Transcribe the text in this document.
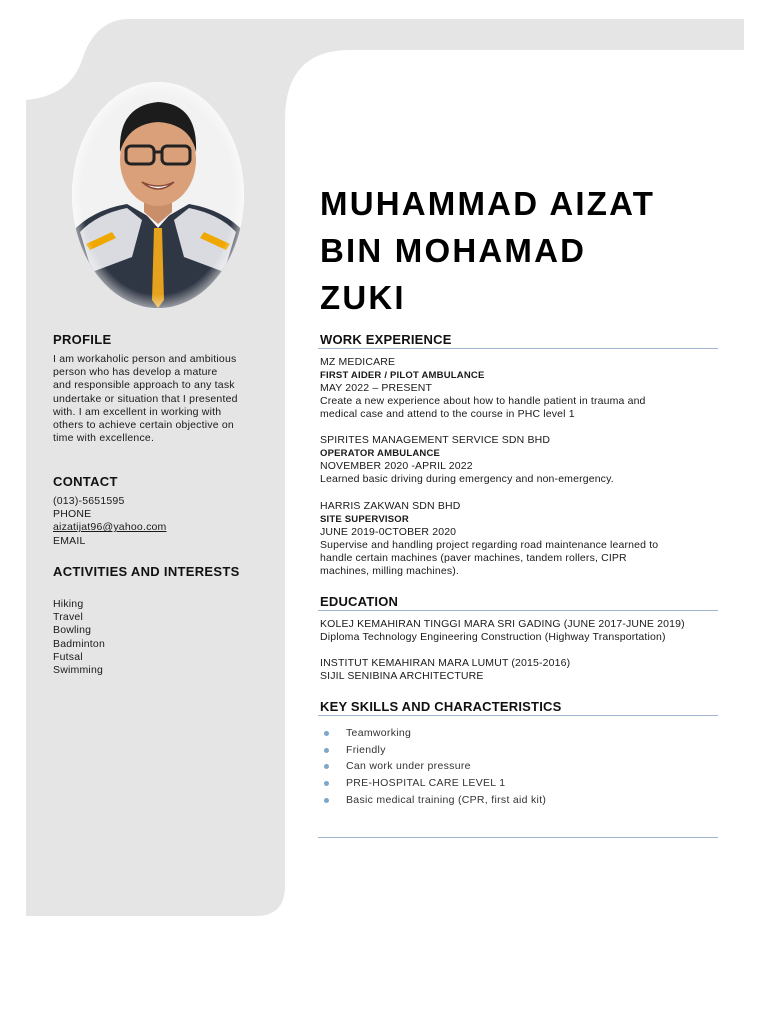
PROFILE
I am workaholic person and ambitious
person who has develop a mature
and responsible approach to any task
undertake or situation that I presented
with. I am excellent in working with
others to achieve certain objective on
time with excellence.
CONTACT
(013)-5651595
PHONE
aizatijat96@yahoo.com
EMAIL
ACTIVITIES AND INTERESTS
Hiking
Travel
Bowling
Badminton
Futsal
Swimming
MUHAMMAD AIZAT
BIN MOHAMAD
ZUKI
WORK EXPERIENCE
MZ MEDICARE
FIRST AIDER / PILOT AMBULANCE
MAY 2022 – PRESENT
Create a new experience about how to handle patient in trauma and
medical case and attend to the course in PHC level 1
SPIRITES MANAGEMENT SERVICE SDN BHD
OPERATOR AMBULANCE
NOVEMBER 2020 -APRIL 2022
Learned basic driving during emergency and non-emergency.
HARRIS ZAKWAN SDN BHD
SITE SUPERVISOR
JUNE 2019-0CTOBER 2020
Supervise and handling project regarding road maintenance learned to
handle certain machines (paver machines, tandem rollers, CIPR
machines, milling machines).
EDUCATION
KOLEJ KEMAHIRAN TINGGI MARA SRI GADING (JUNE 2017-JUNE 2019)
Diploma Technology Engineering Construction (Highway Transportation)
INSTITUT KEMAHIRAN MARA LUMUT (2015-2016)
SIJIL SENIBINA ARCHITECTURE
KEY SKILLS AND CHARACTERISTICS
Teamworking
Friendly
Can work under pressure
PRE-HOSPITAL CARE LEVEL 1
Basic medical training (CPR, first aid kit)
